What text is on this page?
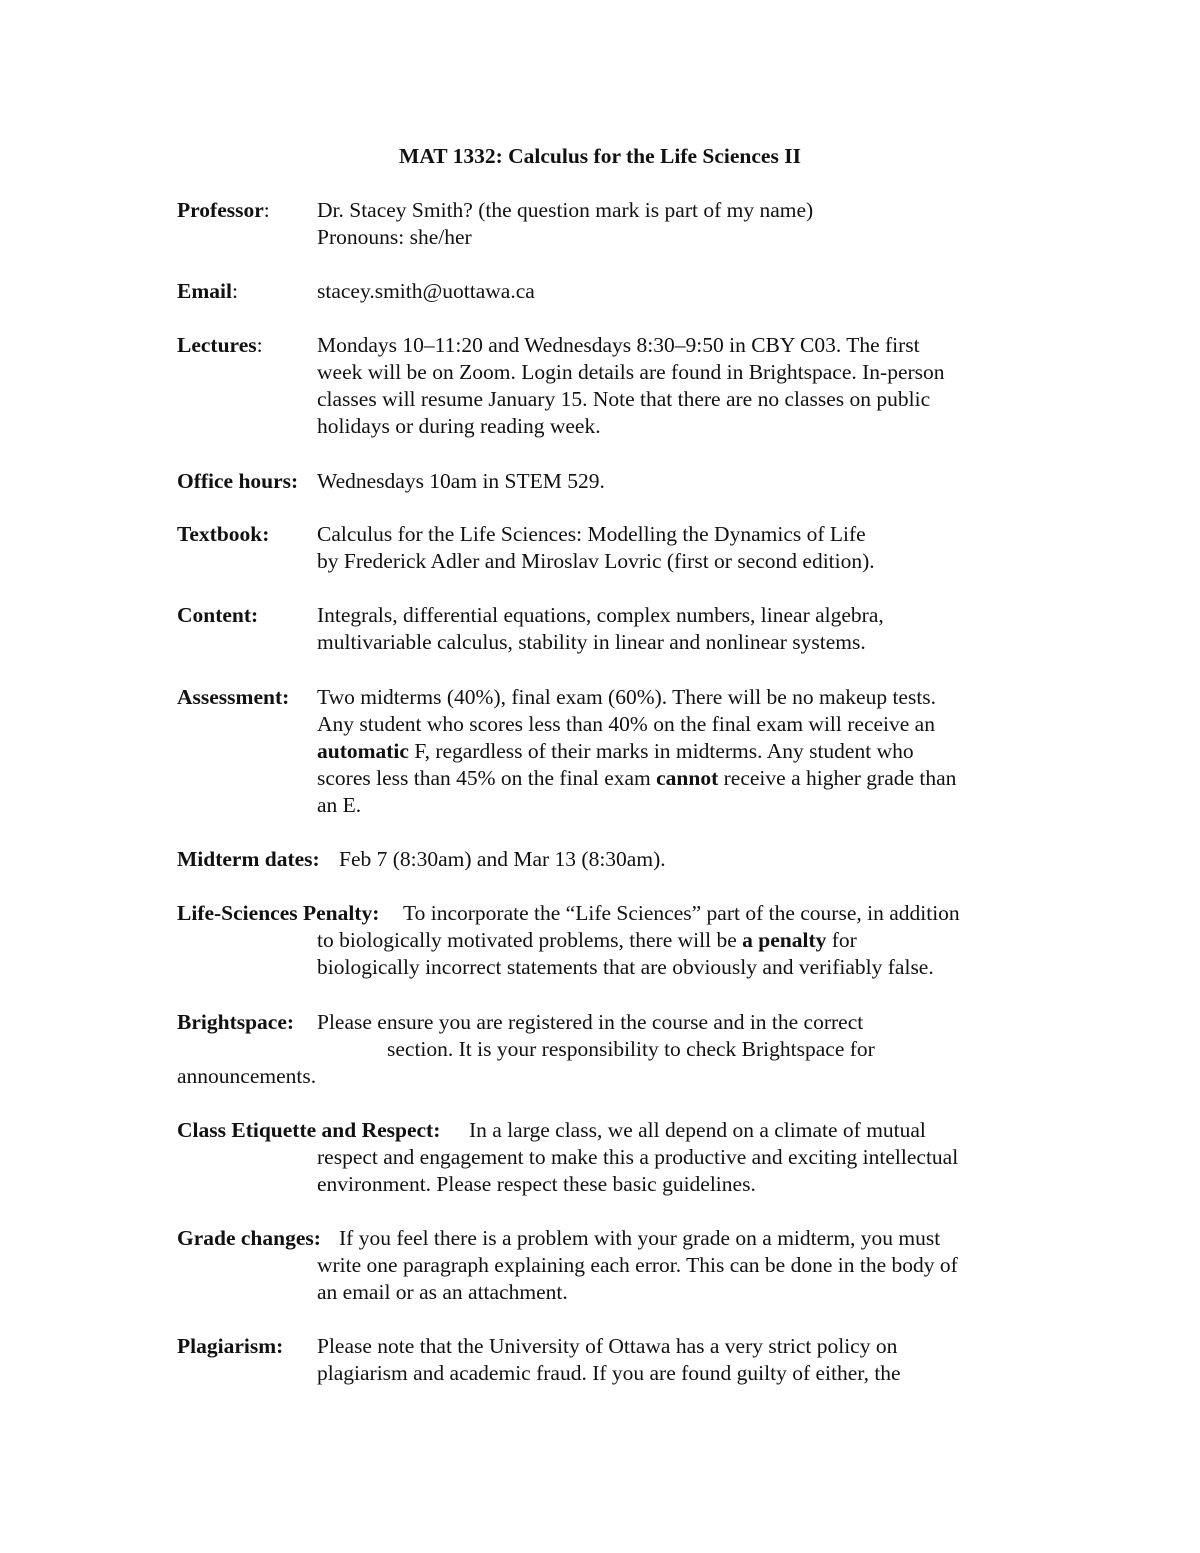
MAT 1332: Calculus for the Life Sciences II
Professor: Dr. Stacey Smith? (the question mark is part of my name)
Pronouns: she/her
Email:	stacey.smith@uottawa.ca
Lectures:	Mondays 10–11:20 and Wednesdays 8:30–9:50 in CBY C03. The first
week will be on Zoom. Login details are found in Brightspace. In-person
classes will resume January 15. Note that there are no classes on public
holidays or during reading week.
Office hours: Wednesdays 10am in STEM 529.
Textbook: Calculus for the Life Sciences: Modelling the Dynamics of Life
by Frederick Adler and Miroslav Lovric (first or second edition).
Content:	Integrals, differential equations, complex numbers, linear algebra,
multivariable calculus, stability in linear and nonlinear systems.
Assessment: Two midterms (40%), final exam (60%). There will be no makeup tests.
Any student who scores less than 40% on the final exam will receive an
automatic F, regardless of their marks in midterms. Any student who
scores less than 45% on the final exam cannot receive a higher grade than
an E.
Midterm dates: Feb 7 (8:30am) and Mar 13 (8:30am).
Life-Sciences Penalty: To incorporate the “Life Sciences” part of the course, in addition
to biologically motivated problems, there will be a penalty for
biologically incorrect statements that are obviously and verifiably false.
Brightspace: Please ensure you are registered in the course and in the correct
section. It is your responsibility to check Brightspace for
announcements.
Class Etiquette and Respect: In a large class, we all depend on a climate of mutual
respect and engagement to make this a productive and exciting intellectual
environment. Please respect these basic guidelines.
Grade changes: If you feel there is a problem with your grade on a midterm, you must
write one paragraph explaining each error. This can be done in the body of
an email or as an attachment.
Plagiarism: Please note that the University of Ottawa has a very strict policy on
plagiarism and academic fraud. If you are found guilty of either, the
